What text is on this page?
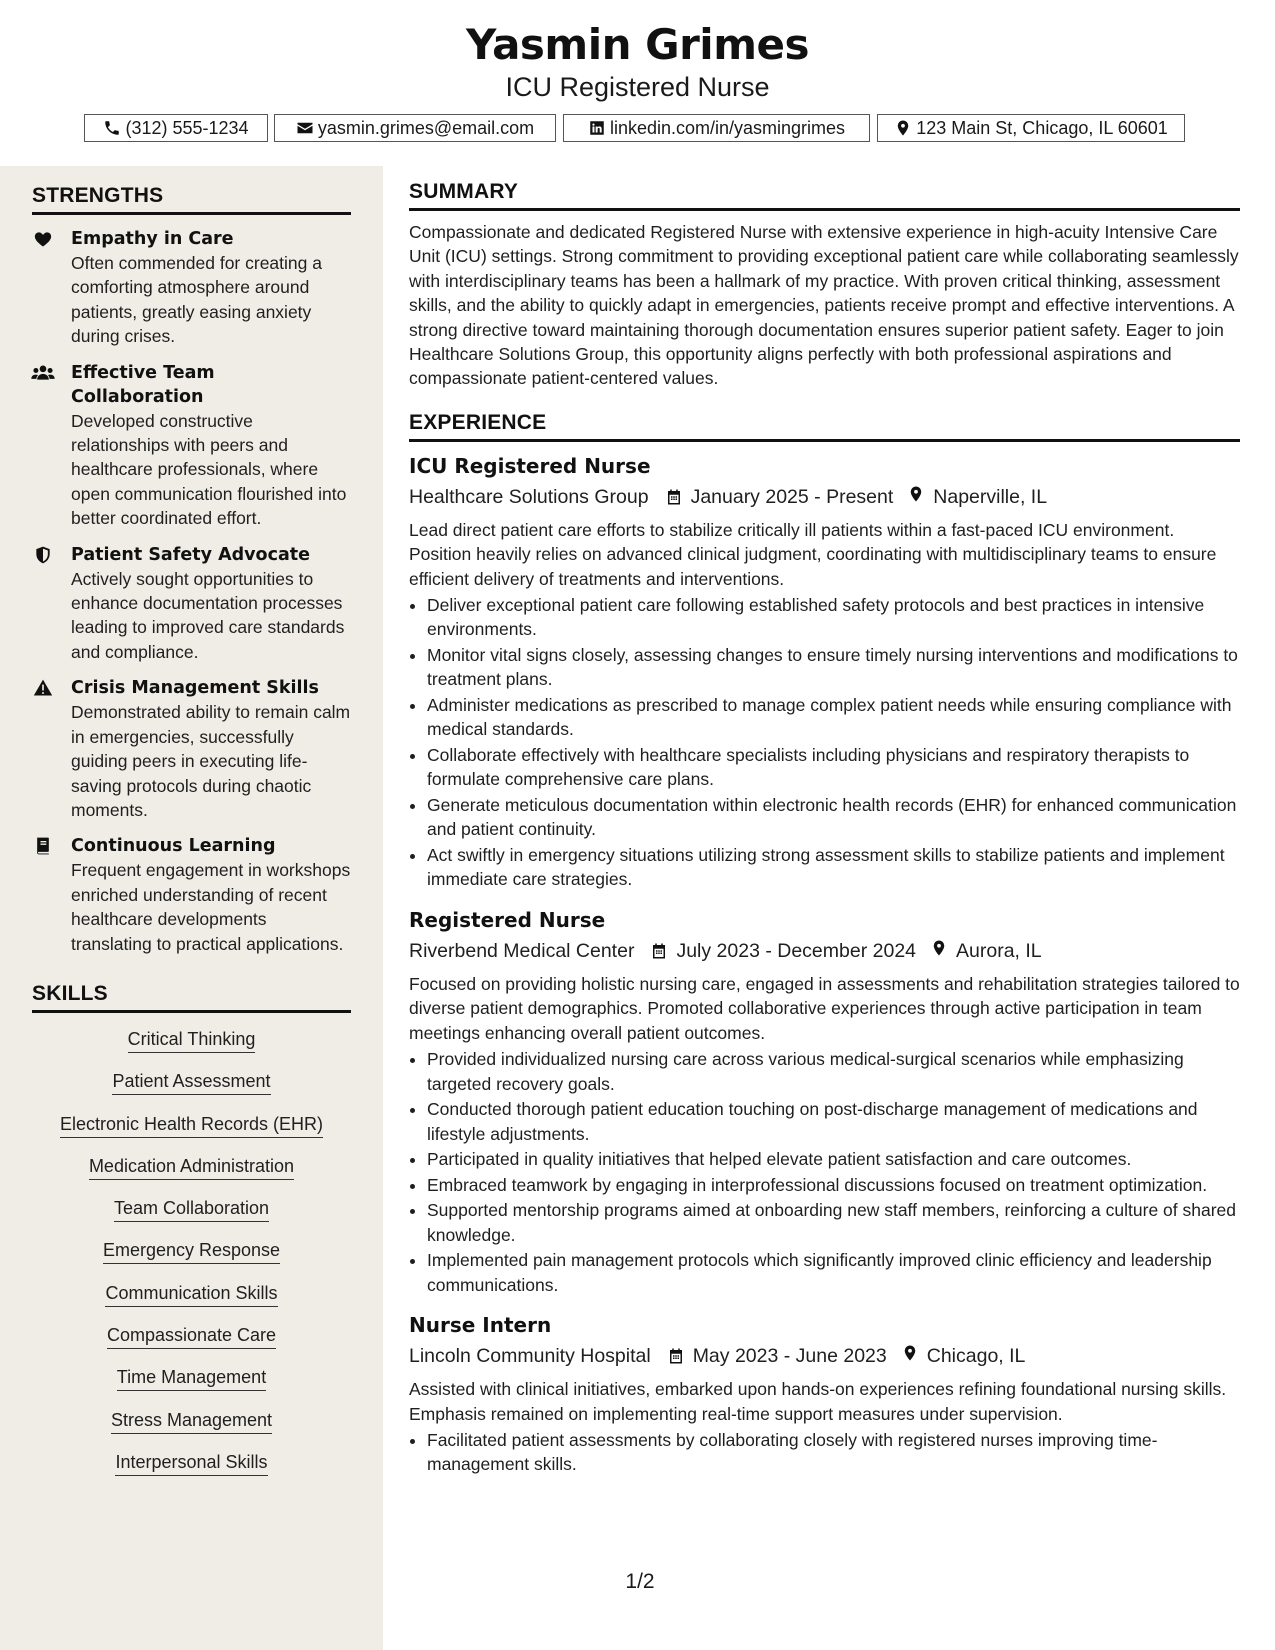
Yasmin Grimes
ICU Registered Nurse
(312) 555-1234	yasmin.grimes@email.com	linkedin.com/in/yasmingrimes	123 Main St, Chicago, IL 60601
STRENGTHS
Empathy in Care
Often commended for creating a comforting atmosphere around patients, greatly easing anxiety during crises.
Effective Team Collaboration
Developed constructive relationships with peers and healthcare professionals, where open communication flourished into better coordinated effort.
Patient Safety Advocate
Actively sought opportunities to enhance documentation processes leading to improved care standards and compliance.
Crisis Management Skills
Demonstrated ability to remain calm in emergencies, successfully guiding peers in executing life-saving protocols during chaotic moments.
Continuous Learning
Frequent engagement in workshops enriched understanding of recent healthcare developments translating to practical applications.
SKILLS
Critical Thinking
Patient Assessment
Electronic Health Records (EHR)
Medication Administration
Team Collaboration
Emergency Response
Communication Skills
Compassionate Care
Time Management
Stress Management
Interpersonal Skills
SUMMARY
Compassionate and dedicated Registered Nurse with extensive experience in high-acuity Intensive Care Unit (ICU) settings. Strong commitment to providing exceptional patient care while collaborating seamlessly with interdisciplinary teams has been a hallmark of my practice. With proven critical thinking, assessment skills, and the ability to quickly adapt in emergencies, patients receive prompt and effective interventions. A strong directive toward maintaining thorough documentation ensures superior patient safety. Eager to join Healthcare Solutions Group, this opportunity aligns perfectly with both professional aspirations and compassionate patient-centered values.
EXPERIENCE
ICU Registered Nurse
Healthcare Solutions Group January 2025 - Present Naperville, IL
Lead direct patient care efforts to stabilize critically ill patients within a fast-paced ICU environment. Position heavily relies on advanced clinical judgment, coordinating with multidisciplinary teams to ensure efficient delivery of treatments and interventions.
• Deliver exceptional patient care following established safety protocols and best practices in intensive environments.
• Monitor vital signs closely, assessing changes to ensure timely nursing interventions and modifications to treatment plans.
• Administer medications as prescribed to manage complex patient needs while ensuring compliance with medical standards.
• Collaborate effectively with healthcare specialists including physicians and respiratory therapists to formulate comprehensive care plans.
• Generate meticulous documentation within electronic health records (EHR) for enhanced communication and patient continuity.
• Act swiftly in emergency situations utilizing strong assessment skills to stabilize patients and implement immediate care strategies.
Registered Nurse
Riverbend Medical Center July 2023 - December 2024 Aurora, IL
Focused on providing holistic nursing care, engaged in assessments and rehabilitation strategies tailored to diverse patient demographics. Promoted collaborative experiences through active participation in team meetings enhancing overall patient outcomes.
• Provided individualized nursing care across various medical-surgical scenarios while emphasizing targeted recovery goals.
• Conducted thorough patient education touching on post-discharge management of medications and lifestyle adjustments.
• Participated in quality initiatives that helped elevate patient satisfaction and care outcomes.
• Embraced teamwork by engaging in interprofessional discussions focused on treatment optimization.
• Supported mentorship programs aimed at onboarding new staff members, reinforcing a culture of shared knowledge.
• Implemented pain management protocols which significantly improved clinic efficiency and leadership communications.
Nurse Intern
Lincoln Community Hospital May 2023 - June 2023 Chicago, IL
Assisted with clinical initiatives, embarked upon hands-on experiences refining foundational nursing skills. Emphasis remained on implementing real-time support measures under supervision.
• Facilitated patient assessments by collaborating closely with registered nurses improving time-management skills.
1/2
